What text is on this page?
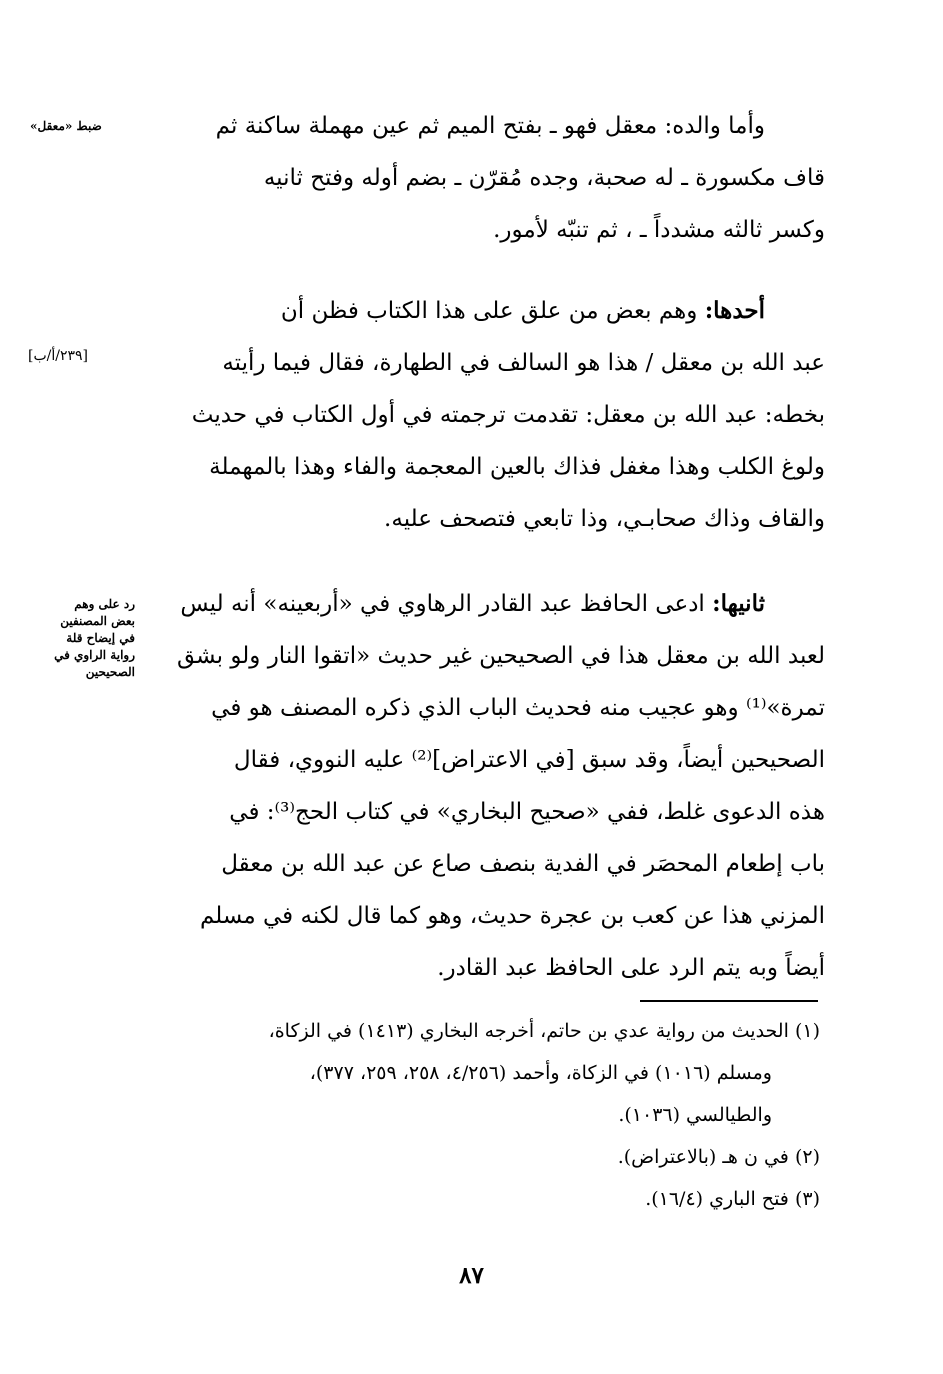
وأما والده: معقل فهو ـ بفتح الميم ثم عين مهملة ساكنة ثم
قاف مكسورة ـ له صحبة، وجده مُقرّن ـ بضم أوله وفتح ثانيه
وكسر ثالثه مشدداً ـ ، ثم تنبّه لأمور.
أحدها: وهم بعض من علق على هذا الكتاب فظن أن
عبد الله بن معقل / هذا هو السالف في الطهارة، فقال فيما رأيته
بخطه: عبد الله بن معقل: تقدمت ترجمته في أول الكتاب في حديث
ولوغ الكلب وهذا مغفل فذاك بالعين المعجمة والفاء وهذا بالمهملة
والقاف وذاك صحابـي، وذا تابعي فتصحف عليه.
ثانيها: ادعى الحافظ عبد القادر الرهاوي في «أربعينه» أنه ليس
لعبد الله بن معقل هذا في الصحيحين غير حديث «اتقوا النار ولو بشق
تمرة»⁽¹⁾ وهو عجيب منه فحديث الباب الذي ذكره المصنف هو في
الصحيحين أيضاً، وقد سبق [في الاعتراض]⁽²⁾ عليه النووي، فقال
هذه الدعوى غلط، ففي «صحيح البخاري» في كتاب الحج⁽³⁾: في
باب إطعام المحصَر في الفدية بنصف صاع عن عبد الله بن معقل
المزني هذا عن كعب بن عجرة حديث، وهو كما قال لكنه في مسلم
أيضاً وبه يتم الرد على الحافظ عبد القادر.
ضبط «معقل»
[٢٣٩/أ/ب]
رد على وهم
بعض المصنفين
في إيضاح قلة
رواية الراوي في
الصحيحين
(١) الحديث من رواية عدي بن حاتم، أخرجه البخاري (١٤١٣) في الزكاة،
ومسلم (١٠١٦) في الزكاة، وأحمد (٤/٢٥٦، ٢٥٨، ٢٥٩، ٣٧٧)،
والطيالسي (١٠٣٦).
(٢) في ن هـ (بالاعتراض).
(٣) فتح الباري (١٦/٤).
٨٧
